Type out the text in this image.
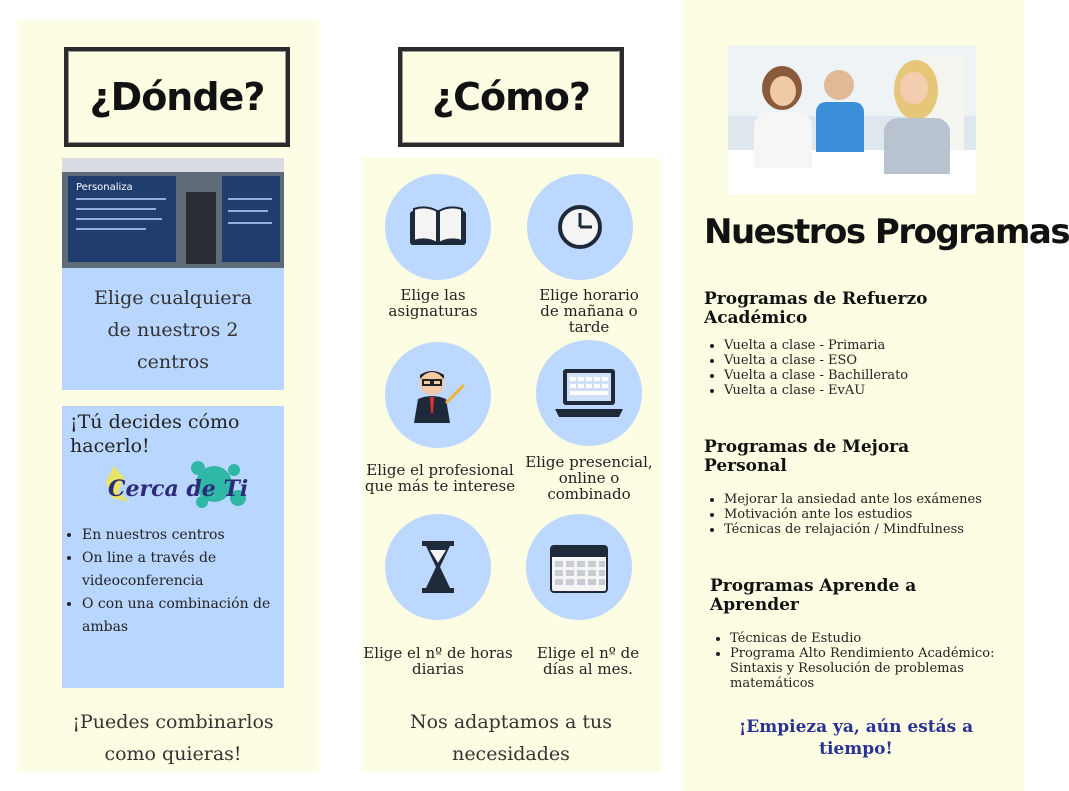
¿Dónde?
Personaliza
Elige cualquiera
de nuestros 2
centros
¡Tú decides cómo
hacerlo!
Cerca de Ti
• En nuestros centros
• On line a través de videoconferencia
• O con una combinación de ambas
¡Puedes combinarlos
como quieras!
¿Cómo?
Elige las asignaturas
Elige horario de mañana o tarde
Elige el profesional que más te interese
Elige presencial, online o combinado
Elige el nº de horas diarias
Elige el nº de días al mes.
Nos adaptamos a tus
necesidades
Nuestros Programas
Programas de Refuerzo Académico
• Vuelta a clase - Primaria
• Vuelta a clase - ESO
• Vuelta a clase - Bachillerato
• Vuelta a clase - EvAU
Programas de Mejora Personal
• Mejorar la ansiedad ante los exámenes
• Motivación ante los estudios
• Técnicas de relajación / Mindfulness
Programas Aprende a Aprender
• Técnicas de Estudio
• Programa Alto Rendimiento Académico: Sintaxis y Resolución de problemas matemáticos
¡Empieza ya, aún estás a tiempo!
